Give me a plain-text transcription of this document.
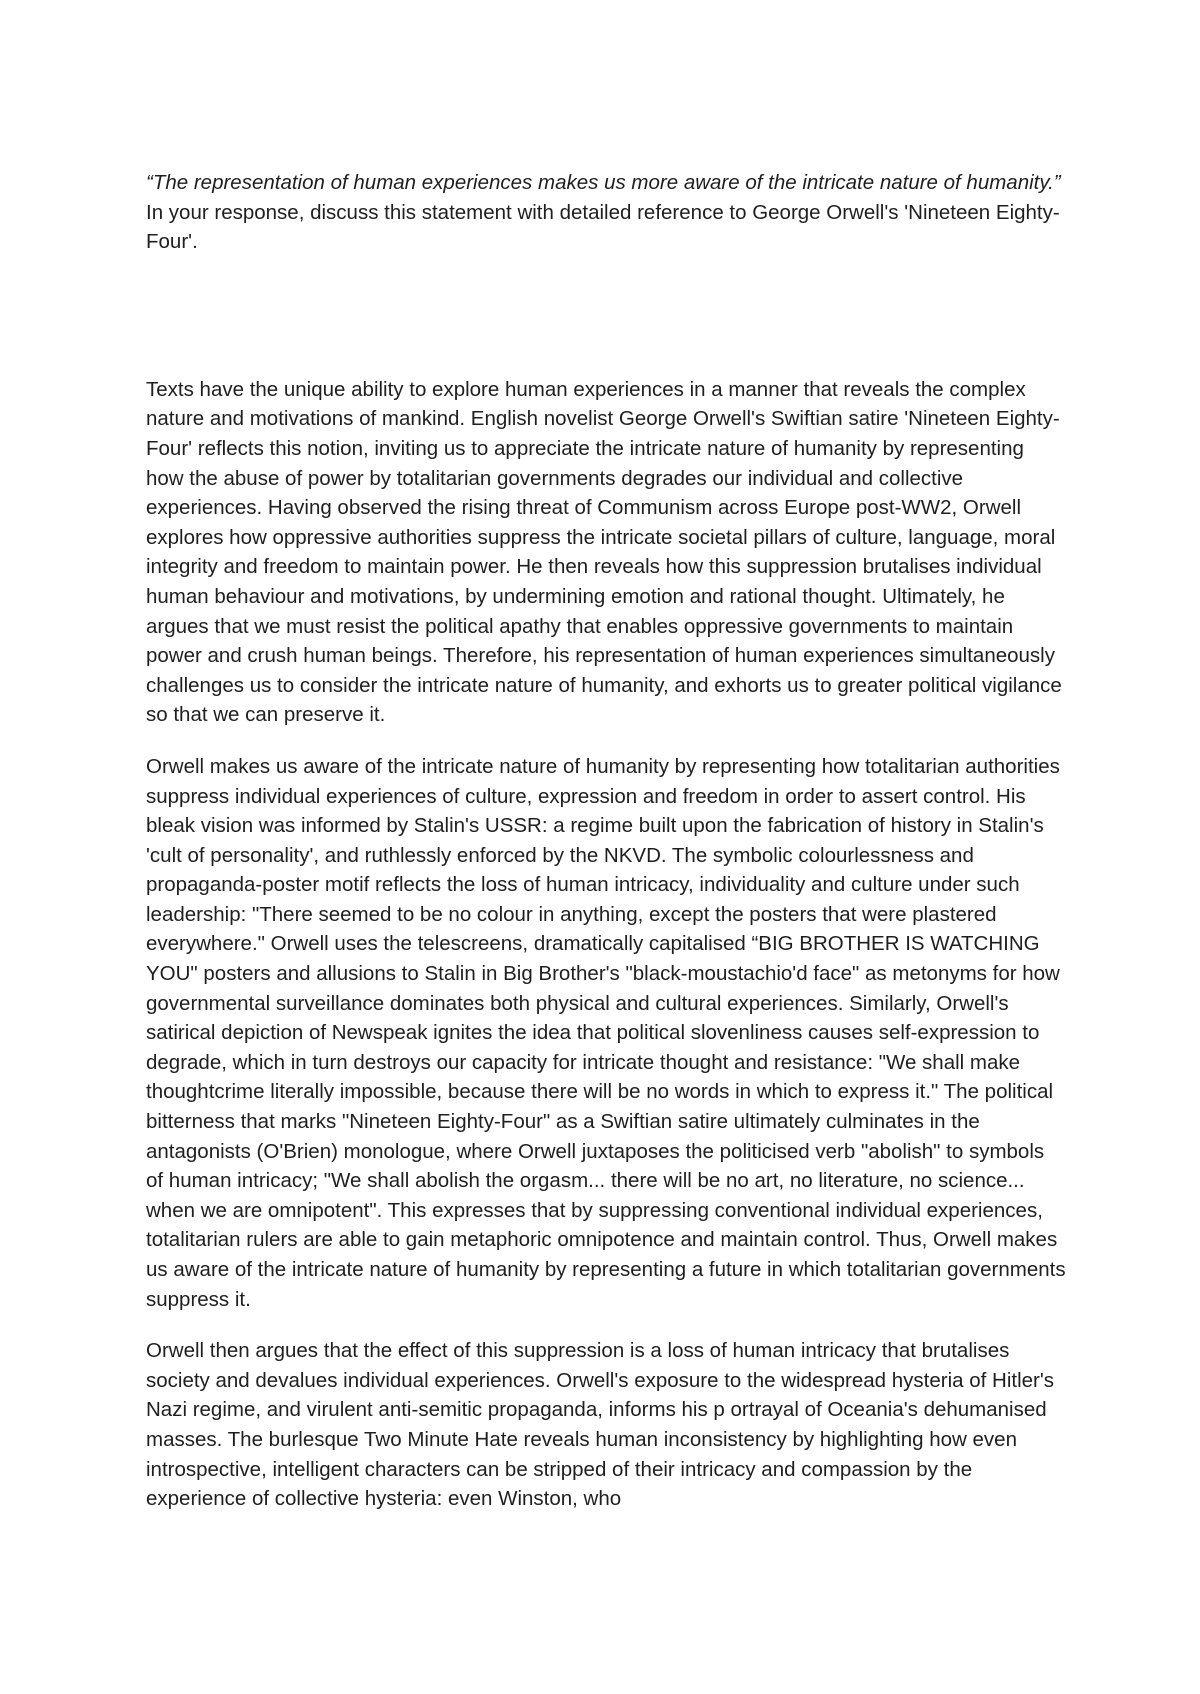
“The representation of human experiences makes us more aware of the intricate nature of humanity.” In your response, discuss this statement with detailed reference to George Orwell's 'Nineteen Eighty-Four'.

Texts have the unique ability to explore human experiences in a manner that reveals the complex nature and motivations of mankind. English novelist George Orwell's Swiftian satire 'Nineteen Eighty-Four' reflects this notion, inviting us to appreciate the intricate nature of humanity by representing how the abuse of power by totalitarian governments degrades our individual and collective experiences. Having observed the rising threat of Communism across Europe post-WW2, Orwell explores how oppressive authorities suppress the intricate societal pillars of culture, language, moral integrity and freedom to maintain power. He then reveals how this suppression brutalises individual human behaviour and motivations, by undermining emotion and rational thought. Ultimately, he argues that we must resist the political apathy that enables oppressive governments to maintain power and crush human beings. Therefore, his representation of human experiences simultaneously challenges us to consider the intricate nature of humanity, and exhorts us to greater political vigilance so that we can preserve it.

Orwell makes us aware of the intricate nature of humanity by representing how totalitarian authorities suppress individual experiences of culture, expression and freedom in order to assert control. His bleak vision was informed by Stalin's USSR: a regime built upon the fabrication of history in Stalin's 'cult of personality', and ruthlessly enforced by the NKVD. The symbolic colourlessness and propaganda-poster motif reflects the loss of human intricacy, individuality and culture under such leadership: "There seemed to be no colour in anything, except the posters that were plastered everywhere." Orwell uses the telescreens, dramatically capitalised “BIG BROTHER IS WATCHING YOU" posters and allusions to Stalin in Big Brother's "black-moustachio'd face" as metonyms for how governmental surveillance dominates both physical and cultural experiences. Similarly, Orwell's satirical depiction of Newspeak ignites the idea that political slovenliness causes self-expression to degrade, which in turn destroys our capacity for intricate thought and resistance: "We shall make thoughtcrime literally impossible, because there will be no words in which to express it." The political bitterness that marks "Nineteen Eighty-Four" as a Swiftian satire ultimately culminates in the antagonists (O'Brien) monologue, where Orwell juxtaposes the politicised verb "abolish" to symbols of human intricacy; "We shall abolish the orgasm... there will be no art, no literature, no science... when we are omnipotent". This expresses that by suppressing conventional individual experiences, totalitarian rulers are able to gain metaphoric omnipotence and maintain control. Thus, Orwell makes us aware of the intricate nature of humanity by representing a future in which totalitarian governments suppress it.

Orwell then argues that the effect of this suppression is a loss of human intricacy that brutalises society and devalues individual experiences. Orwell's exposure to the widespread hysteria of Hitler's Nazi regime, and virulent anti-semitic propaganda, informs his p ortrayal of Oceania's dehumanised masses. The burlesque Two Minute Hate reveals human inconsistency by highlighting how even introspective, intelligent characters can be stripped of their intricacy and compassion by the experience of collective hysteria: even Winston, who
